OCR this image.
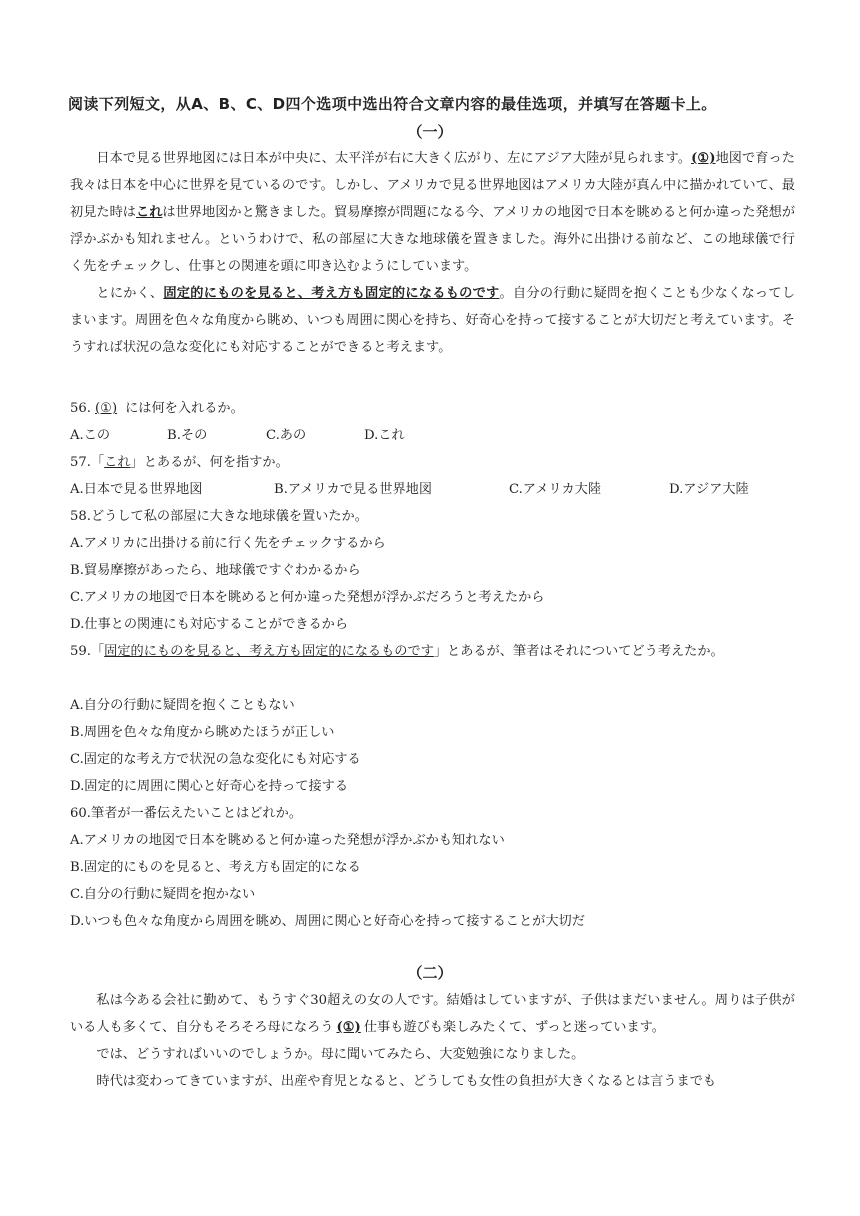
阅读下列短文，从A、B、C、D四个选项中选出符合文章内容的最佳选项，并填写在答题卡上。
（一）

日本で見る世界地図には日本が中央に、太平洋が右に大きく広がり、左にアジア大陸が見られます。(①)地図で育った我々は日本を中心に世界を見ているのです。しかし、アメリカで見る世界地図はアメリカ大陸が真ん中に描かれていて、最初見た時はこれは世界地図かと驚きました。貿易摩擦が問題になる今、アメリカの地図で日本を眺めると何か違った発想が浮かぶかも知れません。というわけで、私の部屋に大きな地球儀を置きました。海外に出掛ける前など、この地球儀で行く先をチェックし、仕事との関連を頭に叩き込むようにしています。

とにかく、固定的にものを見ると、考え方も固定的になるものです。自分の行動に疑問を抱くことも少なくなってしまいます。周囲を色々な角度から眺め、いつも周囲に関心を持ち、好奇心を持って接することが大切だと考えています。そうすれば状況の急な変化にも対応することができると考えます。

56. (①) には何を入れるか。
A.この	B.その	C.あの	D.これ
57.「これ」とあるが、何を指すか。
A.日本で見る世界地図	B.アメリカで見る世界地図	C.アメリカ大陸	D.アジア大陸
58.どうして私の部屋に大きな地球儀を置いたか。
A.アメリカに出掛ける前に行く先をチェックするから
B.貿易摩擦があったら、地球儀ですぐわかるから
C.アメリカの地図で日本を眺めると何か違った発想が浮かぶだろうと考えたから
D.仕事との関連にも対応することができるから
59.「固定的にものを見ると、考え方も固定的になるものです」とあるが、筆者はそれについてどう考えたか。
A.自分の行動に疑問を抱くこともない
B.周囲を色々な角度から眺めたほうが正しい
C.固定的な考え方で状況の急な変化にも対応する
D.固定的に周囲に関心と好奇心を持って接する
60.筆者が一番伝えたいことはどれか。
A.アメリカの地図で日本を眺めると何か違った発想が浮かぶかも知れない
B.固定的にものを見ると、考え方も固定的になる
C.自分の行動に疑問を抱かない
D.いつも色々な角度から周囲を眺め、周囲に関心と好奇心を持って接することが大切だ
（二）

私は今ある会社に勤めて、もうすぐ30超えの女の人です。結婚はしていますが、子供はまだいません。周りは子供がいる人も多くて、自分もそろそろ母になろう (①) 仕事も遊びも楽しみたくて、ずっと迷っています。

では、どうすればいいのでしょうか。母に聞いてみたら、大変勉強になりました。

時代は変わってきていますが、出産や育児となると、どうしても女性の負担が大きくなるとは言うまでも
